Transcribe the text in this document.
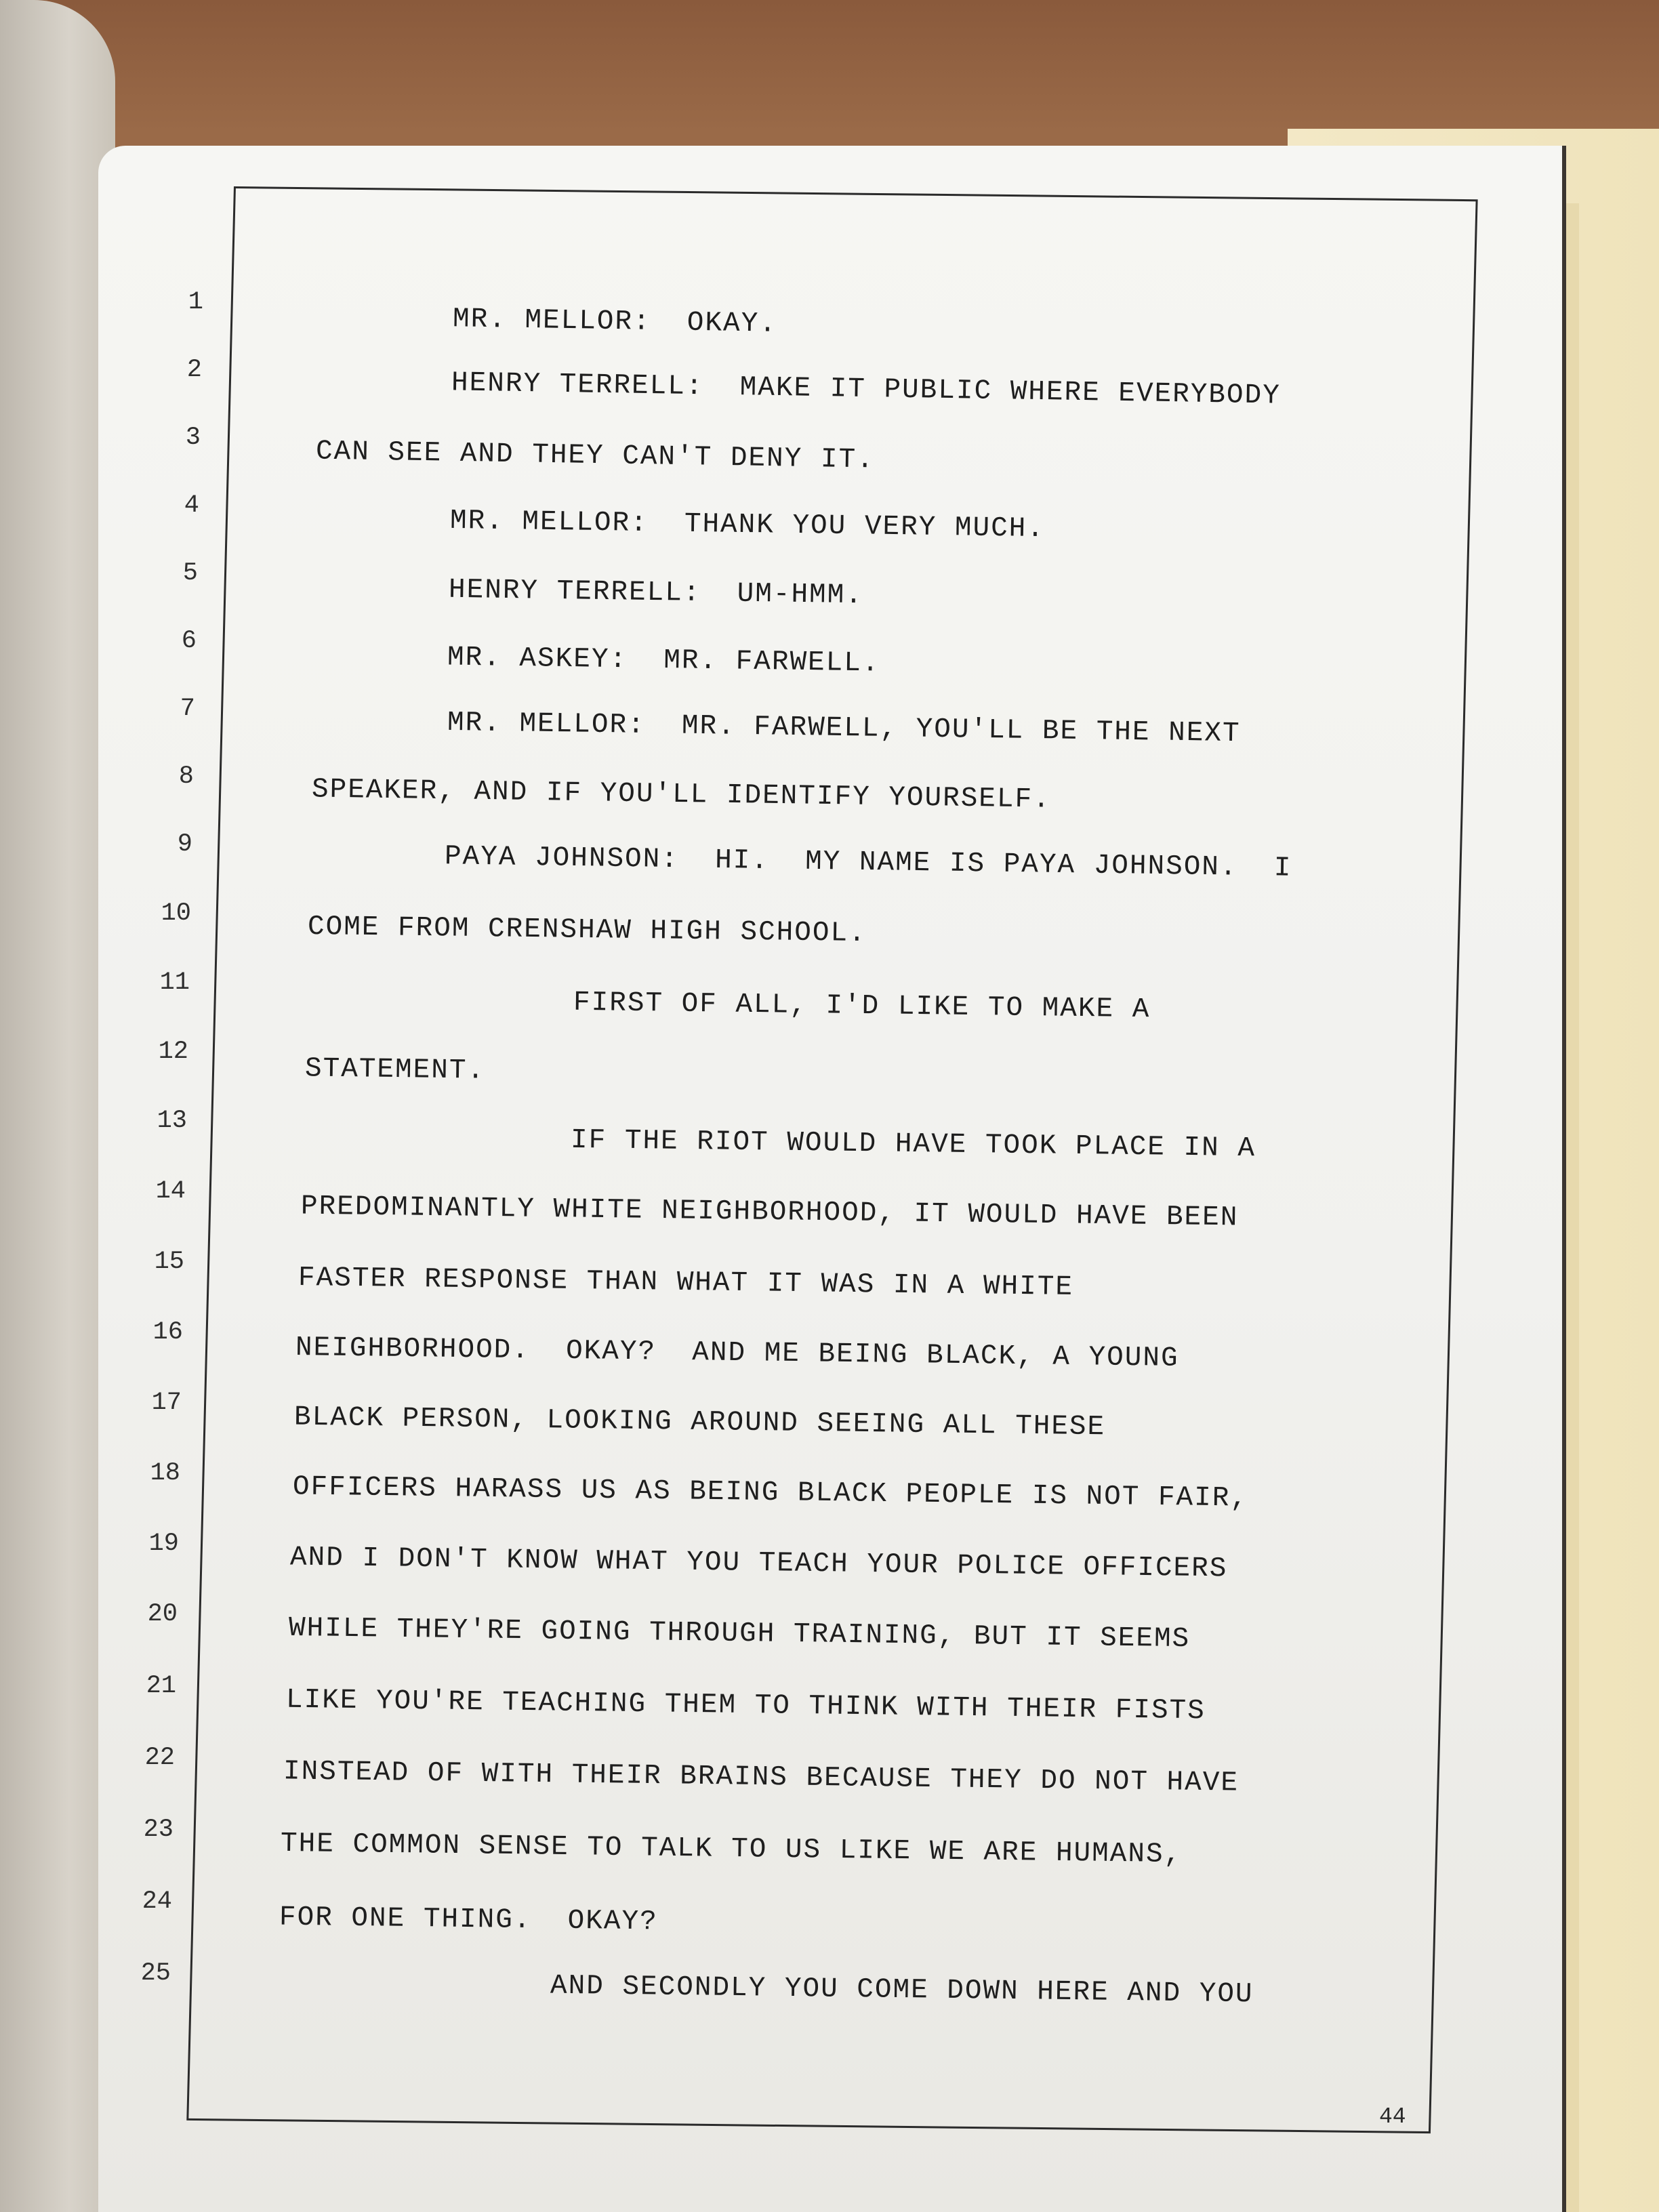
1
2
3
4
5
6
7
8
9
10
11
12
13
14
15
16
17
18
19
20
21
22
23
24
25
MR. MELLOR:  OKAY.
HENRY TERRELL:  MAKE IT PUBLIC WHERE EVERYBODY
CAN SEE AND THEY CAN'T DENY IT.
MR. MELLOR:  THANK YOU VERY MUCH.
HENRY TERRELL:  UM-HMM.
MR. ASKEY:  MR. FARWELL.
MR. MELLOR:  MR. FARWELL, YOU'LL BE THE NEXT
SPEAKER, AND IF YOU'LL IDENTIFY YOURSELF.
PAYA JOHNSON:  HI.  MY NAME IS PAYA JOHNSON.  I
COME FROM CRENSHAW HIGH SCHOOL.
FIRST OF ALL, I'D LIKE TO MAKE A
STATEMENT.
IF THE RIOT WOULD HAVE TOOK PLACE IN A
PREDOMINANTLY WHITE NEIGHBORHOOD, IT WOULD HAVE BEEN
FASTER RESPONSE THAN WHAT IT WAS IN A WHITE
NEIGHBORHOOD.  OKAY?  AND ME BEING BLACK, A YOUNG
BLACK PERSON, LOOKING AROUND SEEING ALL THESE
OFFICERS HARASS US AS BEING BLACK PEOPLE IS NOT FAIR,
AND I DON'T KNOW WHAT YOU TEACH YOUR POLICE OFFICERS
WHILE THEY'RE GOING THROUGH TRAINING, BUT IT SEEMS
LIKE YOU'RE TEACHING THEM TO THINK WITH THEIR FISTS
INSTEAD OF WITH THEIR BRAINS BECAUSE THEY DO NOT HAVE
THE COMMON SENSE TO TALK TO US LIKE WE ARE HUMANS,
FOR ONE THING.  OKAY?
AND SECONDLY YOU COME DOWN HERE AND YOU
44
